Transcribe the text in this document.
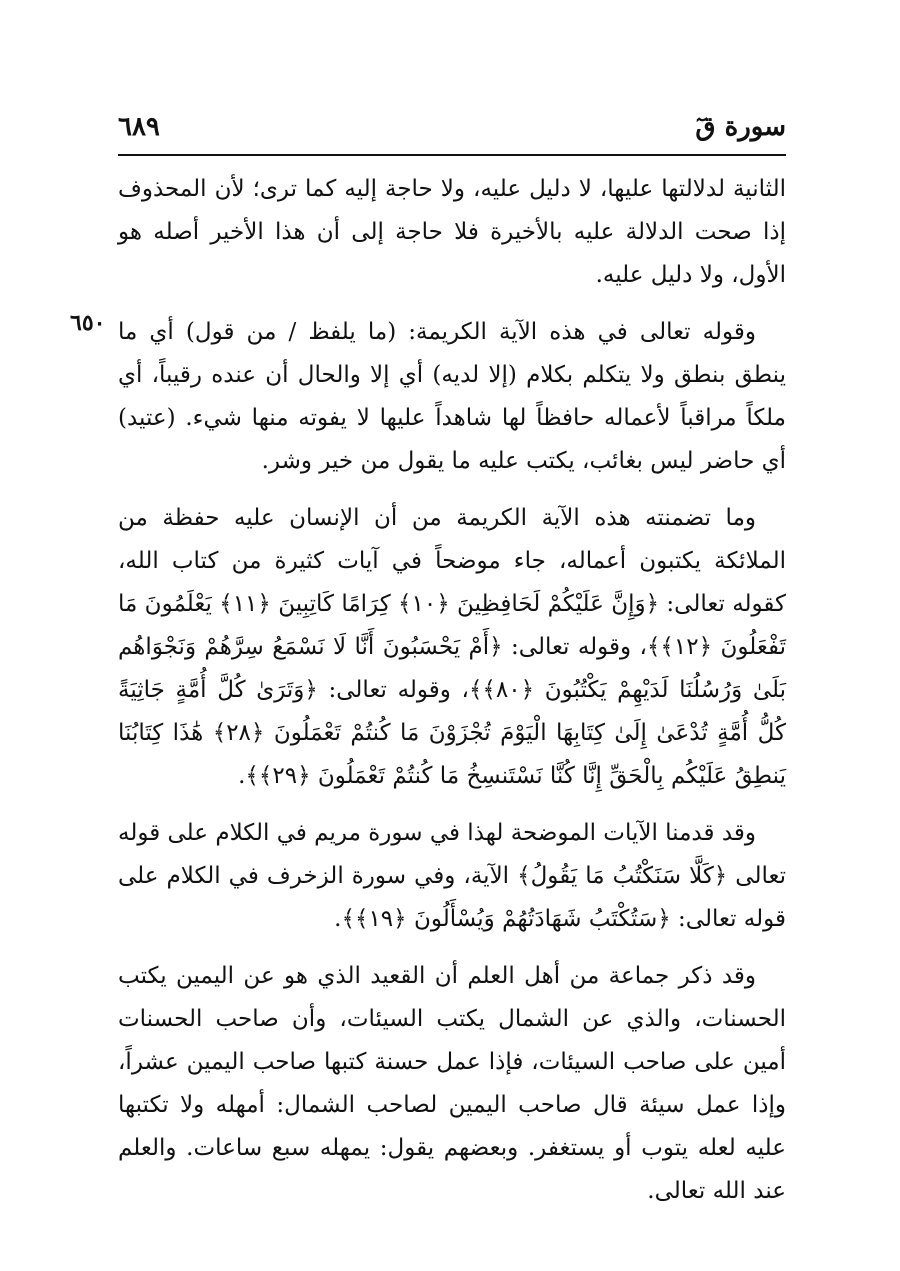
سورة قٓ
٦٨٩
٦٥٠

الثانية لدلالتها عليها، لا دليل عليه، ولا حاجة إليه كما ترى؛ لأن المحذوف إذا صحت الدلالة عليه بالأخيرة فلا حاجة إلى أن هذا الأخير أصله هو الأول، ولا دليل عليه.

وقوله تعالى في هذه الآية الكريمة: (ما يلفظ / من قول) أي ما ينطق بنطق ولا يتكلم بكلام (إلا لديه) أي إلا والحال أن عنده رقيباً، أي ملكاً مراقباً لأعماله حافظاً لها شاهداً عليها لا يفوته منها شيء. (عتيد) أي حاضر ليس بغائب، يكتب عليه ما يقول من خير وشر.

وما تضمنته هذه الآية الكريمة من أن الإنسان عليه حفظة من الملائكة يكتبون أعماله، جاء موضحاً في آيات كثيرة من كتاب الله، كقوله تعالى: ﴿وَإِنَّ عَلَيْكُمْ لَحَافِظِينَ ﴿١٠﴾ كِرَامًا كَاتِبِينَ ﴿١١﴾ يَعْلَمُونَ مَا تَفْعَلُونَ ﴿١٢﴾﴾، وقوله تعالى: ﴿أَمْ يَحْسَبُونَ أَنَّا لَا نَسْمَعُ سِرَّهُمْ وَنَجْوَاهُم بَلَىٰ وَرُسُلُنَا لَدَيْهِمْ يَكْتُبُونَ ﴿٨٠﴾﴾، وقوله تعالى: ﴿وَتَرَىٰ كُلَّ أُمَّةٍ جَاثِيَةً كُلُّ أُمَّةٍ تُدْعَىٰ إِلَىٰ كِتَابِهَا الْيَوْمَ تُجْزَوْنَ مَا كُنتُمْ تَعْمَلُونَ ﴿٢٨﴾ هَٰذَا كِتَابُنَا يَنطِقُ عَلَيْكُم بِالْحَقِّ إِنَّا كُنَّا نَسْتَنسِخُ مَا كُنتُمْ تَعْمَلُونَ ﴿٢٩﴾﴾.

وقد قدمنا الآيات الموضحة لهذا في سورة مريم في الكلام على قوله تعالى ﴿كَلَّا سَنَكْتُبُ مَا يَقُولُ﴾ الآية، وفي سورة الزخرف في الكلام على قوله تعالى: ﴿سَتُكْتَبُ شَهَادَتُهُمْ وَيُسْأَلُونَ ﴿١٩﴾﴾.

وقد ذكر جماعة من أهل العلم أن القعيد الذي هو عن اليمين يكتب الحسنات، والذي عن الشمال يكتب السيئات، وأن صاحب الحسنات أمين على صاحب السيئات، فإذا عمل حسنة كتبها صاحب اليمين عشراً، وإذا عمل سيئة قال صاحب اليمين لصاحب الشمال: أمهله ولا تكتبها عليه لعله يتوب أو يستغفر. وبعضهم يقول: يمهله سبع ساعات. والعلم عند الله تعالى.
